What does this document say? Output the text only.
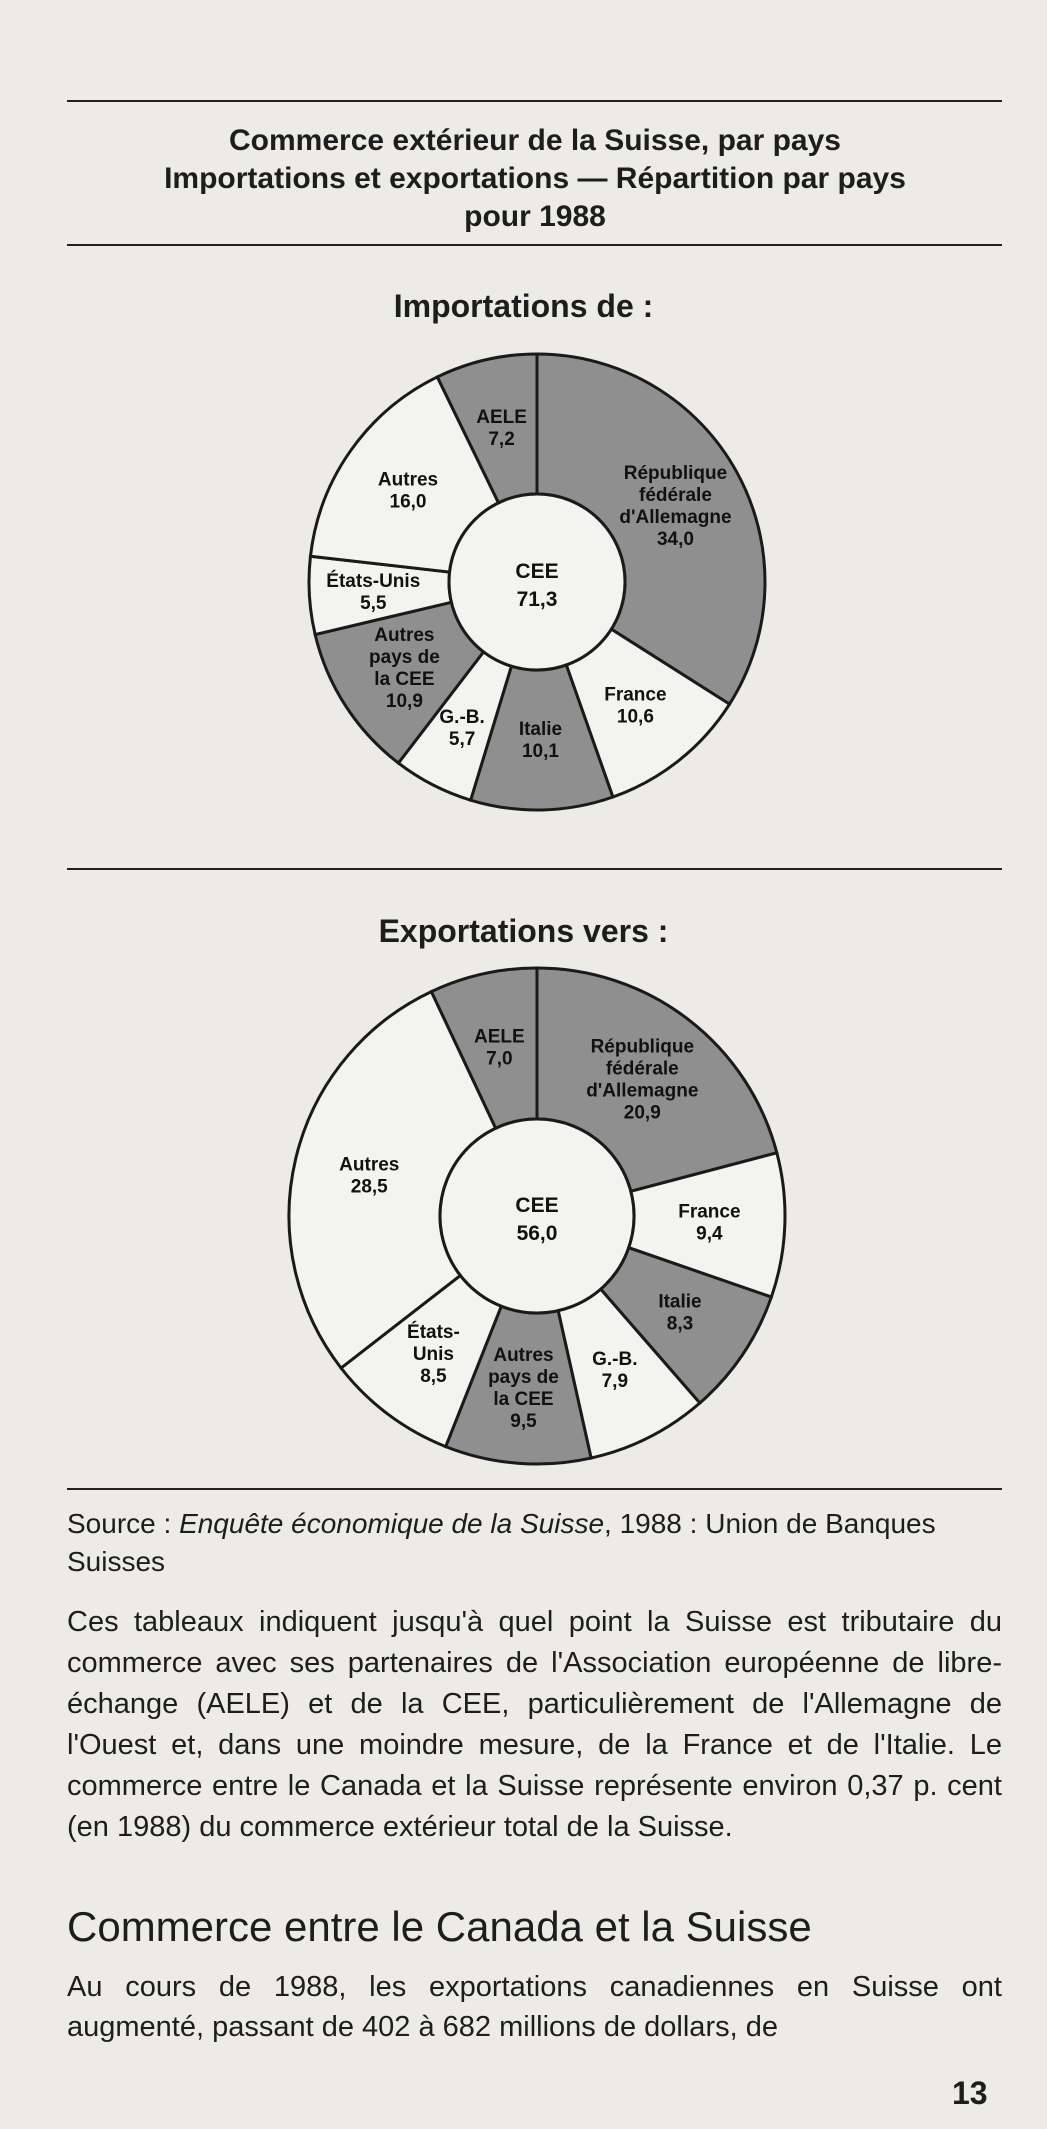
Commerce extérieur de la Suisse, par pays
Importations et exportations — Répartition par pays
pour 1988
Importations de :
CEE
71,3
République
fédérale
d'Allemagne
34,0
France
10,6
Italie
10,1
G.-B.
5,7
Autres
pays de
la CEE
10,9
États-Unis
5,5
Autres
16,0
AELE
7,2
Exportations vers :
CEE
56,0
République
fédérale
d'Allemagne
20,9
France
9,4
Italie
8,3
G.-B.
7,9
Autres
pays de
la CEE
9,5
États-
Unis
8,5
Autres
28,5
AELE
7,0
Source : Enquête économique de la Suisse, 1988 : Union de Banques Suisses
Ces tableaux indiquent jusqu'à quel point la Suisse est tributaire du commerce avec ses partenaires de l'Association européenne de libre-échange (AELE) et de la CEE, particulièrement de l'Allemagne de l'Ouest et, dans une moindre mesure, de la France et de l'Italie. Le commerce entre le Canada et la Suisse représente environ 0,37 p. cent (en 1988) du commerce extérieur total de la Suisse.
Commerce entre le Canada et la Suisse
Au cours de 1988, les exportations canadiennes en Suisse ont augmenté, passant de 402 à 682 millions de dollars, de
13
